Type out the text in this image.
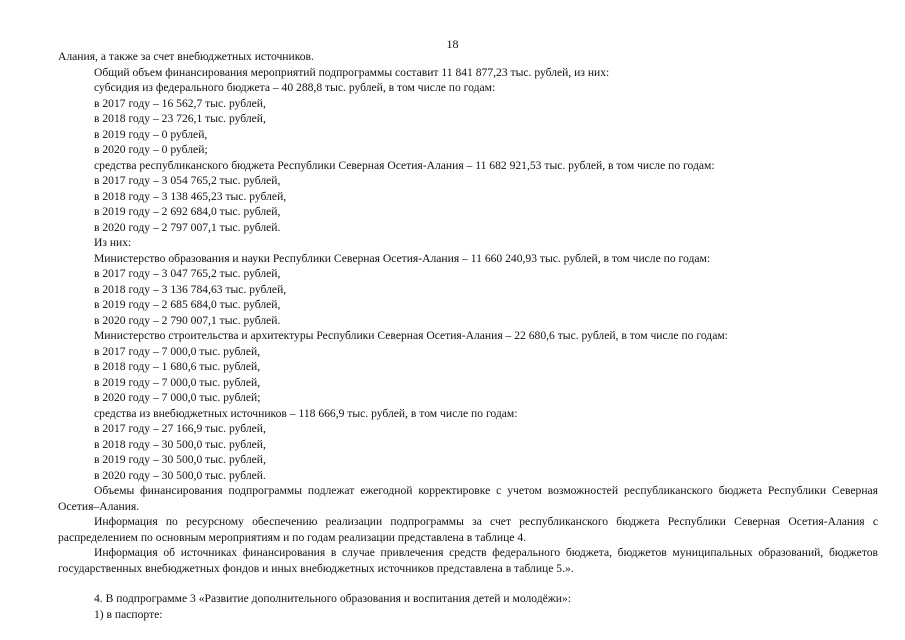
18
Алания, а также за счет внебюджетных источников.
Общий объем финансирования мероприятий подпрограммы составит 11 841 877,23 тыс. рублей, из них:
субсидия из федерального бюджета – 40 288,8 тыс. рублей, в том числе по годам:
в 2017 году – 16 562,7 тыс. рублей,
в 2018 году – 23 726,1 тыс. рублей,
в 2019 году – 0 рублей,
в 2020 году – 0 рублей;
средства республиканского бюджета Республики Северная Осетия-Алания – 11 682 921,53 тыс. рублей, в том числе по годам:
в 2017 году – 3 054 765,2 тыс. рублей,
в 2018 году – 3 138 465,23 тыс. рублей,
в 2019 году – 2 692 684,0 тыс. рублей,
в 2020 году – 2 797 007,1 тыс. рублей.
Из них:
Министерство образования и науки Республики Северная Осетия-Алания – 11 660 240,93 тыс. рублей, в том числе по годам:
в 2017 году – 3 047 765,2 тыс. рублей,
в 2018 году – 3 136 784,63 тыс. рублей,
в 2019 году – 2 685 684,0 тыс. рублей,
в 2020 году – 2 790 007,1 тыс. рублей.
Министерство строительства и архитектуры Республики Северная Осетия-Алания – 22 680,6 тыс. рублей, в том числе по годам:
в 2017 году – 7 000,0 тыс. рублей,
в 2018 году – 1 680,6 тыс. рублей,
в 2019 году – 7 000,0 тыс. рублей,
в 2020 году – 7 000,0 тыс. рублей;
средства из внебюджетных источников – 118 666,9 тыс. рублей, в том числе по годам:
в 2017 году – 27 166,9 тыс. рублей,
в 2018 году – 30 500,0 тыс. рублей,
в 2019 году – 30 500,0 тыс. рублей,
в 2020 году – 30 500,0 тыс. рублей.
Объемы финансирования подпрограммы подлежат ежегодной корректировке с учетом возможностей республиканского бюджета Республики Северная Осетия–Алания.
Информация по ресурсному обеспечению реализации подпрограммы за счет республиканского бюджета Республики Северная Осетия-Алания с распределением по основным мероприятиям и по годам реализации представлена в таблице 4.
Информация об источниках финансирования в случае привлечения средств федерального бюджета, бюджетов муниципальных образований, бюджетов государственных внебюджетных фондов и иных внебюджетных источников представлена в таблице 5.».
4. В подпрограмме 3 «Развитие дополнительного образования и воспитания детей и молодёжи»:
1) в паспорте:
